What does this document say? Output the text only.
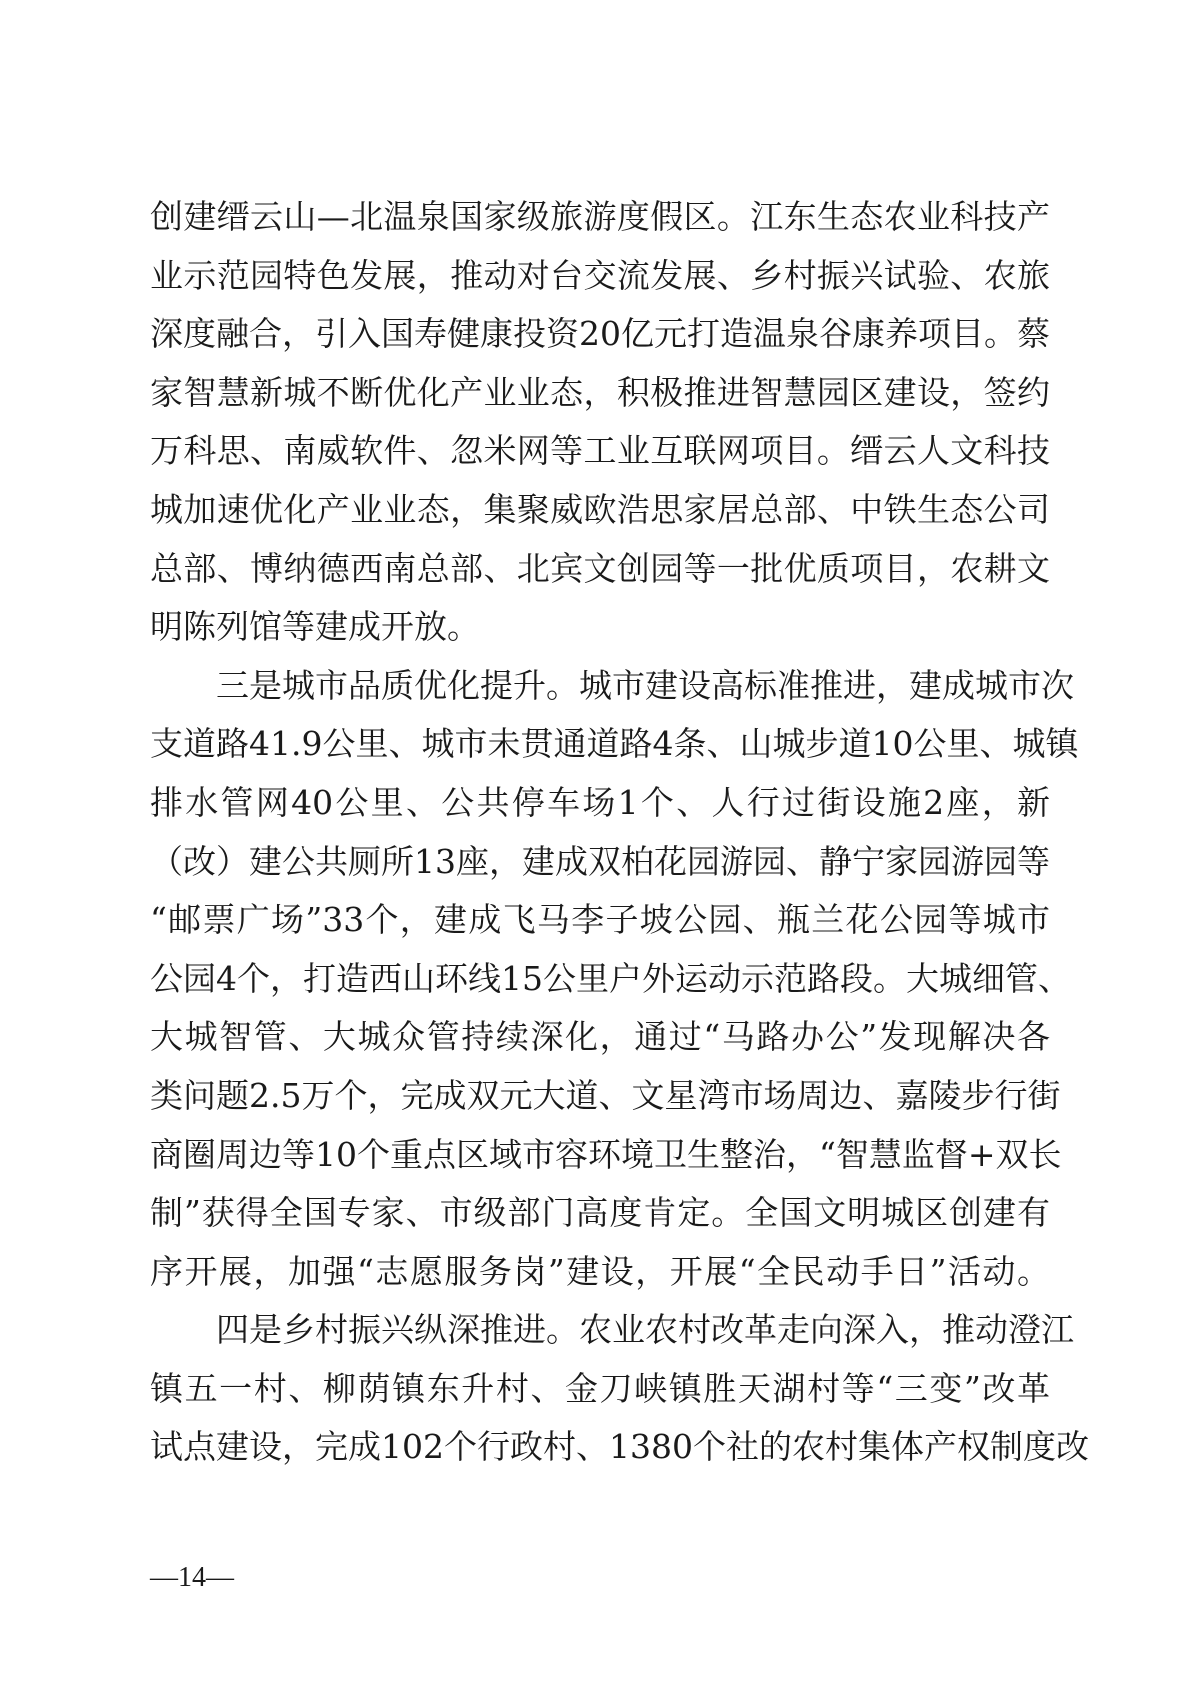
创建缙云山—北温泉国家级旅游度假区。江东生态农业科技产
业示范园特色发展，推动对台交流发展、乡村振兴试验、农旅
深度融合，引入国寿健康投资20亿元打造温泉谷康养项目。蔡
家智慧新城不断优化产业业态，积极推进智慧园区建设，签约
万科思、南威软件、忽米网等工业互联网项目。缙云人文科技
城加速优化产业业态，集聚威欧浩思家居总部、中铁生态公司
总部、博纳德西南总部、北宾文创园等一批优质项目，农耕文
明陈列馆等建成开放。
　　三是城市品质优化提升。城市建设高标准推进，建成城市次
支道路41.9公里、城市未贯通道路4条、山城步道10公里、城镇
排水管网40公里、公共停车场1个、人行过街设施2座，新
（改）建公共厕所13座，建成双柏花园游园、静宁家园游园等
“邮票广场”33个，建成飞马李子坡公园、瓶兰花公园等城市
公园4个，打造西山环线15公里户外运动示范路段。大城细管、
大城智管、大城众管持续深化，通过“马路办公”发现解决各
类问题2.5万个，完成双元大道、文星湾市场周边、嘉陵步行街
商圈周边等10个重点区域市容环境卫生整治，“智慧监督+双长
制”获得全国专家、市级部门高度肯定。全国文明城区创建有
序开展，加强“志愿服务岗”建设，开展“全民动手日”活动。
　　四是乡村振兴纵深推进。农业农村改革走向深入，推动澄江
镇五一村、柳荫镇东升村、金刀峡镇胜天湖村等“三变”改革
试点建设，完成102个行政村、1380个社的农村集体产权制度改
—14—
